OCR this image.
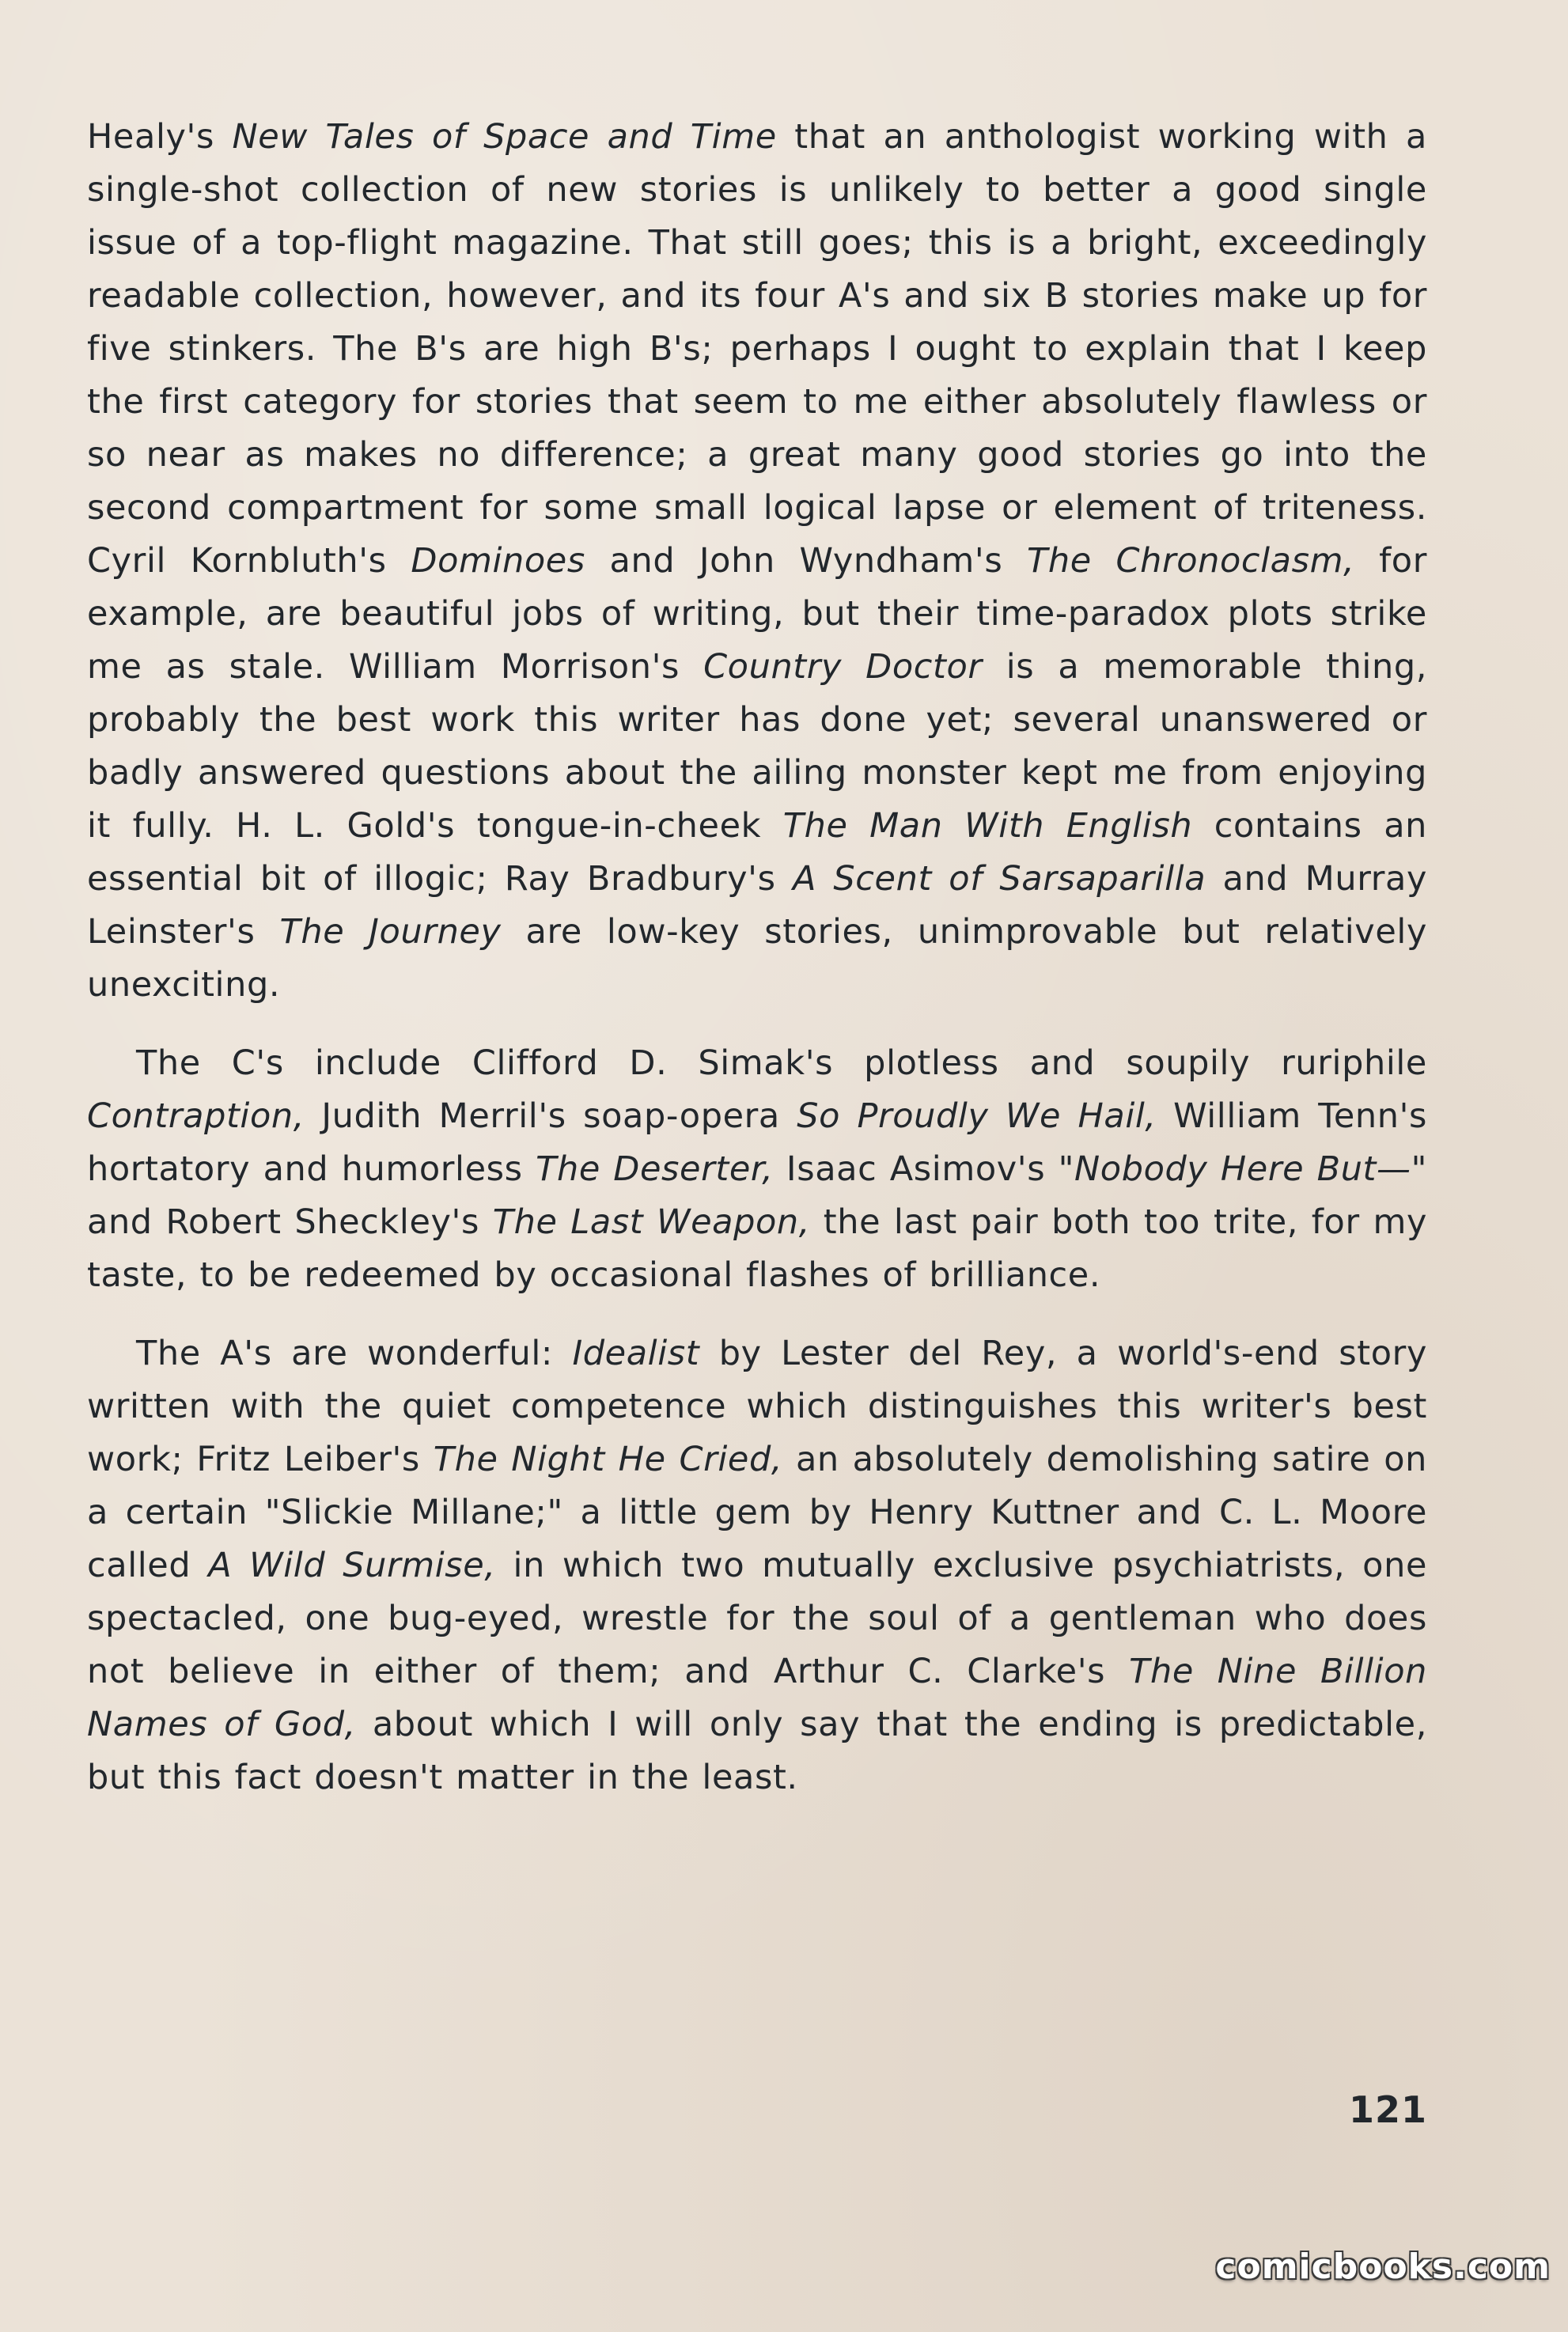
Healy's New Tales of Space and Time that an anthologist working with a single-shot collection of new stories is unlikely to better a good single issue of a top-flight magazine. That still goes; this is a bright, exceedingly readable collection, however, and its four A's and six B stories make up for five stinkers. The B's are high B's; perhaps I ought to explain that I keep the first category for stories that seem to me either absolutely flawless or so near as makes no difference; a great many good stories go into the second compartment for some small logical lapse or element of triteness. Cyril Kornbluth's Dominoes and John Wyndham's The Chronoclasm, for example, are beautiful jobs of writing, but their time-paradox plots strike me as stale. William Morrison's Country Doctor is a memorable thing, probably the best work this writer has done yet; several unanswered or badly answered questions about the ailing monster kept me from enjoying it fully. H. L. Gold's tongue-in-cheek The Man With English contains an essential bit of illogic; Ray Bradbury's A Scent of Sarsaparilla and Murray Leinster's The Journey are low-key stories, unimprovable but relatively unexciting.

The C's include Clifford D. Simak's plotless and soupily ruriphile Contraption, Judith Merril's soap-opera So Proudly We Hail, William Tenn's hortatory and humorless The Deserter, Isaac Asimov's "Nobody Here But—" and Robert Sheckley's The Last Weapon, the last pair both too trite, for my taste, to be redeemed by occasional flashes of brilliance.

The A's are wonderful: Idealist by Lester del Rey, a world's-end story written with the quiet competence which distinguishes this writer's best work; Fritz Leiber's The Night He Cried, an absolutely demolishing satire on a certain "Slickie Millane;" a little gem by Henry Kuttner and C. L. Moore called A Wild Surmise, in which two mutually exclusive psychiatrists, one spectacled, one bug-eyed, wrestle for the soul of a gentleman who does not believe in either of them; and Arthur C. Clarke's The Nine Billion Names of God, about which I will only say that the ending is predictable, but this fact doesn't matter in the least.

121
comicbooks.com
